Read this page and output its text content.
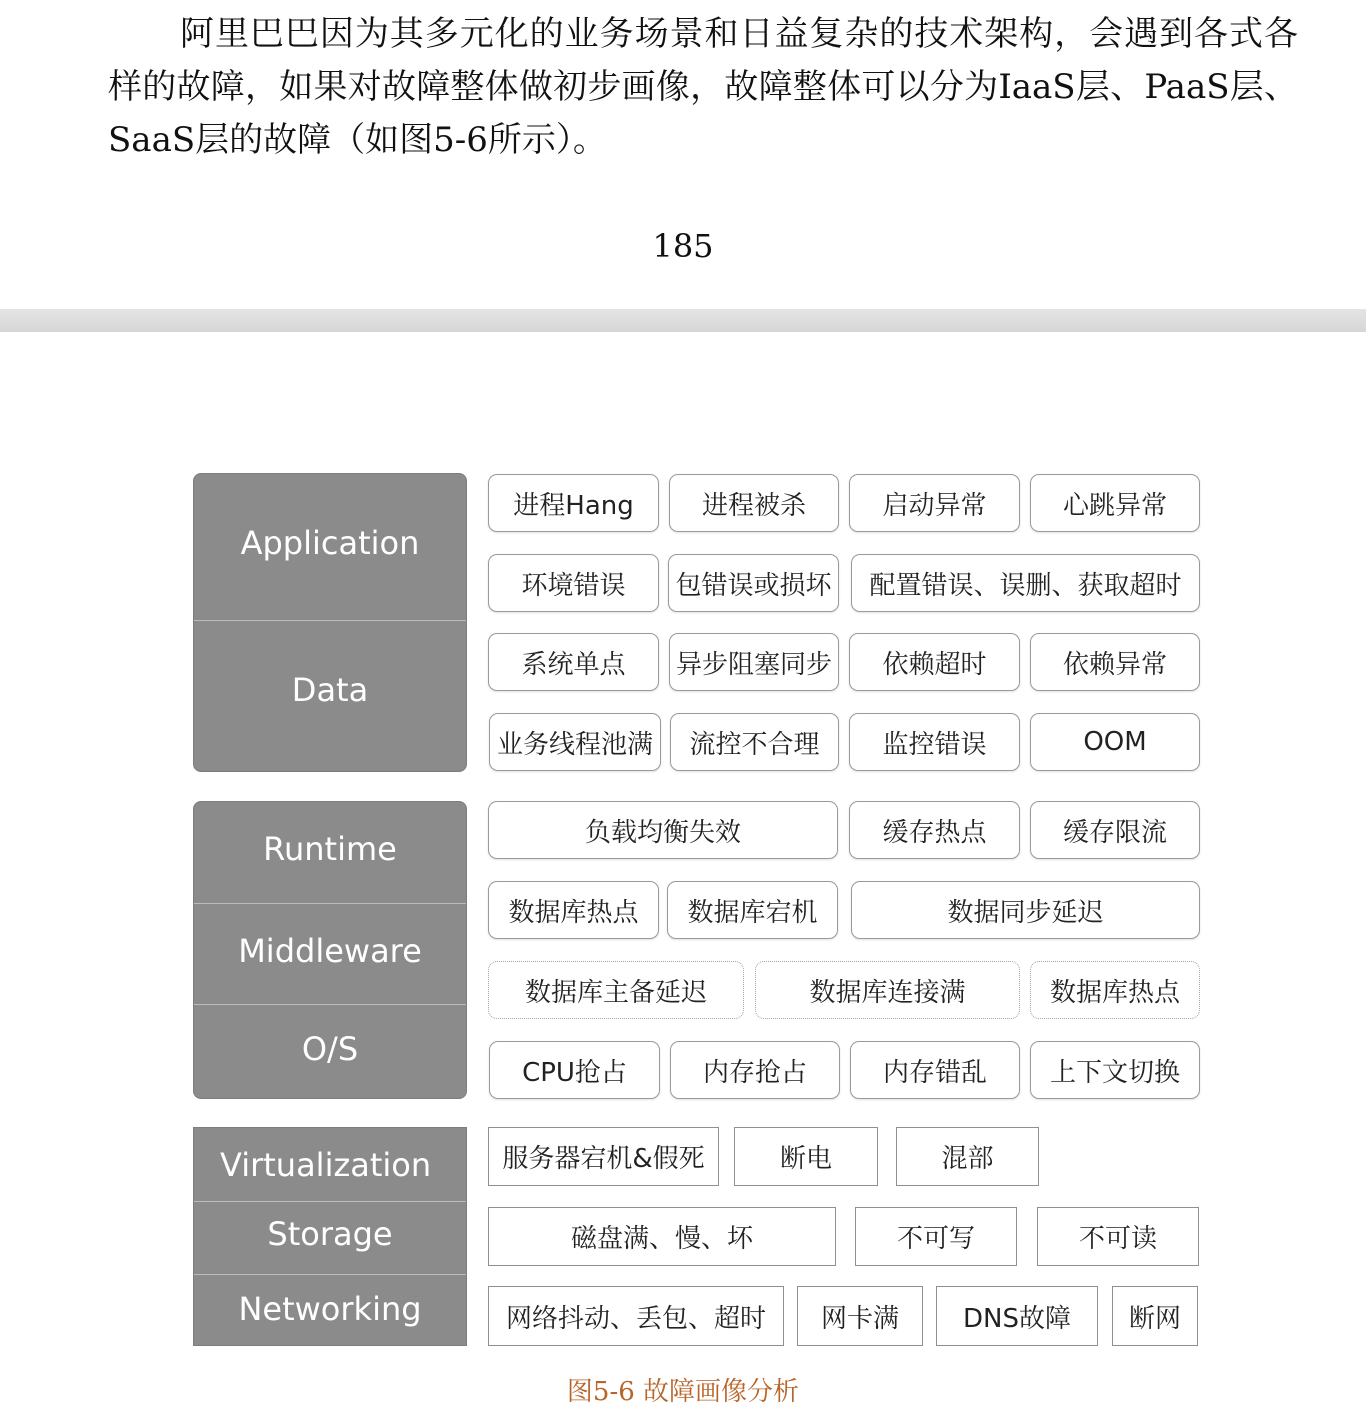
阿里巴巴因为其多元化的业务场景和日益复杂的技术架构，会遇到各式各样的故障，如果对故障整体做初步画像，故障整体可以分为IaaS层、PaaS层、SaaS层的故障（如图5-6所示）。
185
Application
Data
Runtime
Middleware
O/S
Virtualization
Storage
Networking
进程Hang	进程被杀	启动异常	心跳异常
环境错误	包错误或损坏	配置错误、误删、获取超时
系统单点	异步阻塞同步	依赖超时	依赖异常
业务线程池满	流控不合理	监控错误	OOM
负载均衡失效	缓存热点	缓存限流
数据库热点	数据库宕机	数据同步延迟
数据库主备延迟	数据库连接满	数据库热点
CPU抢占	内存抢占	内存错乱	上下文切换
服务器宕机&假死	断电	混部
磁盘满、慢、坏	不可写	不可读
网络抖动、丢包、超时	网卡满	DNS故障	断网
图5-6 故障画像分析
